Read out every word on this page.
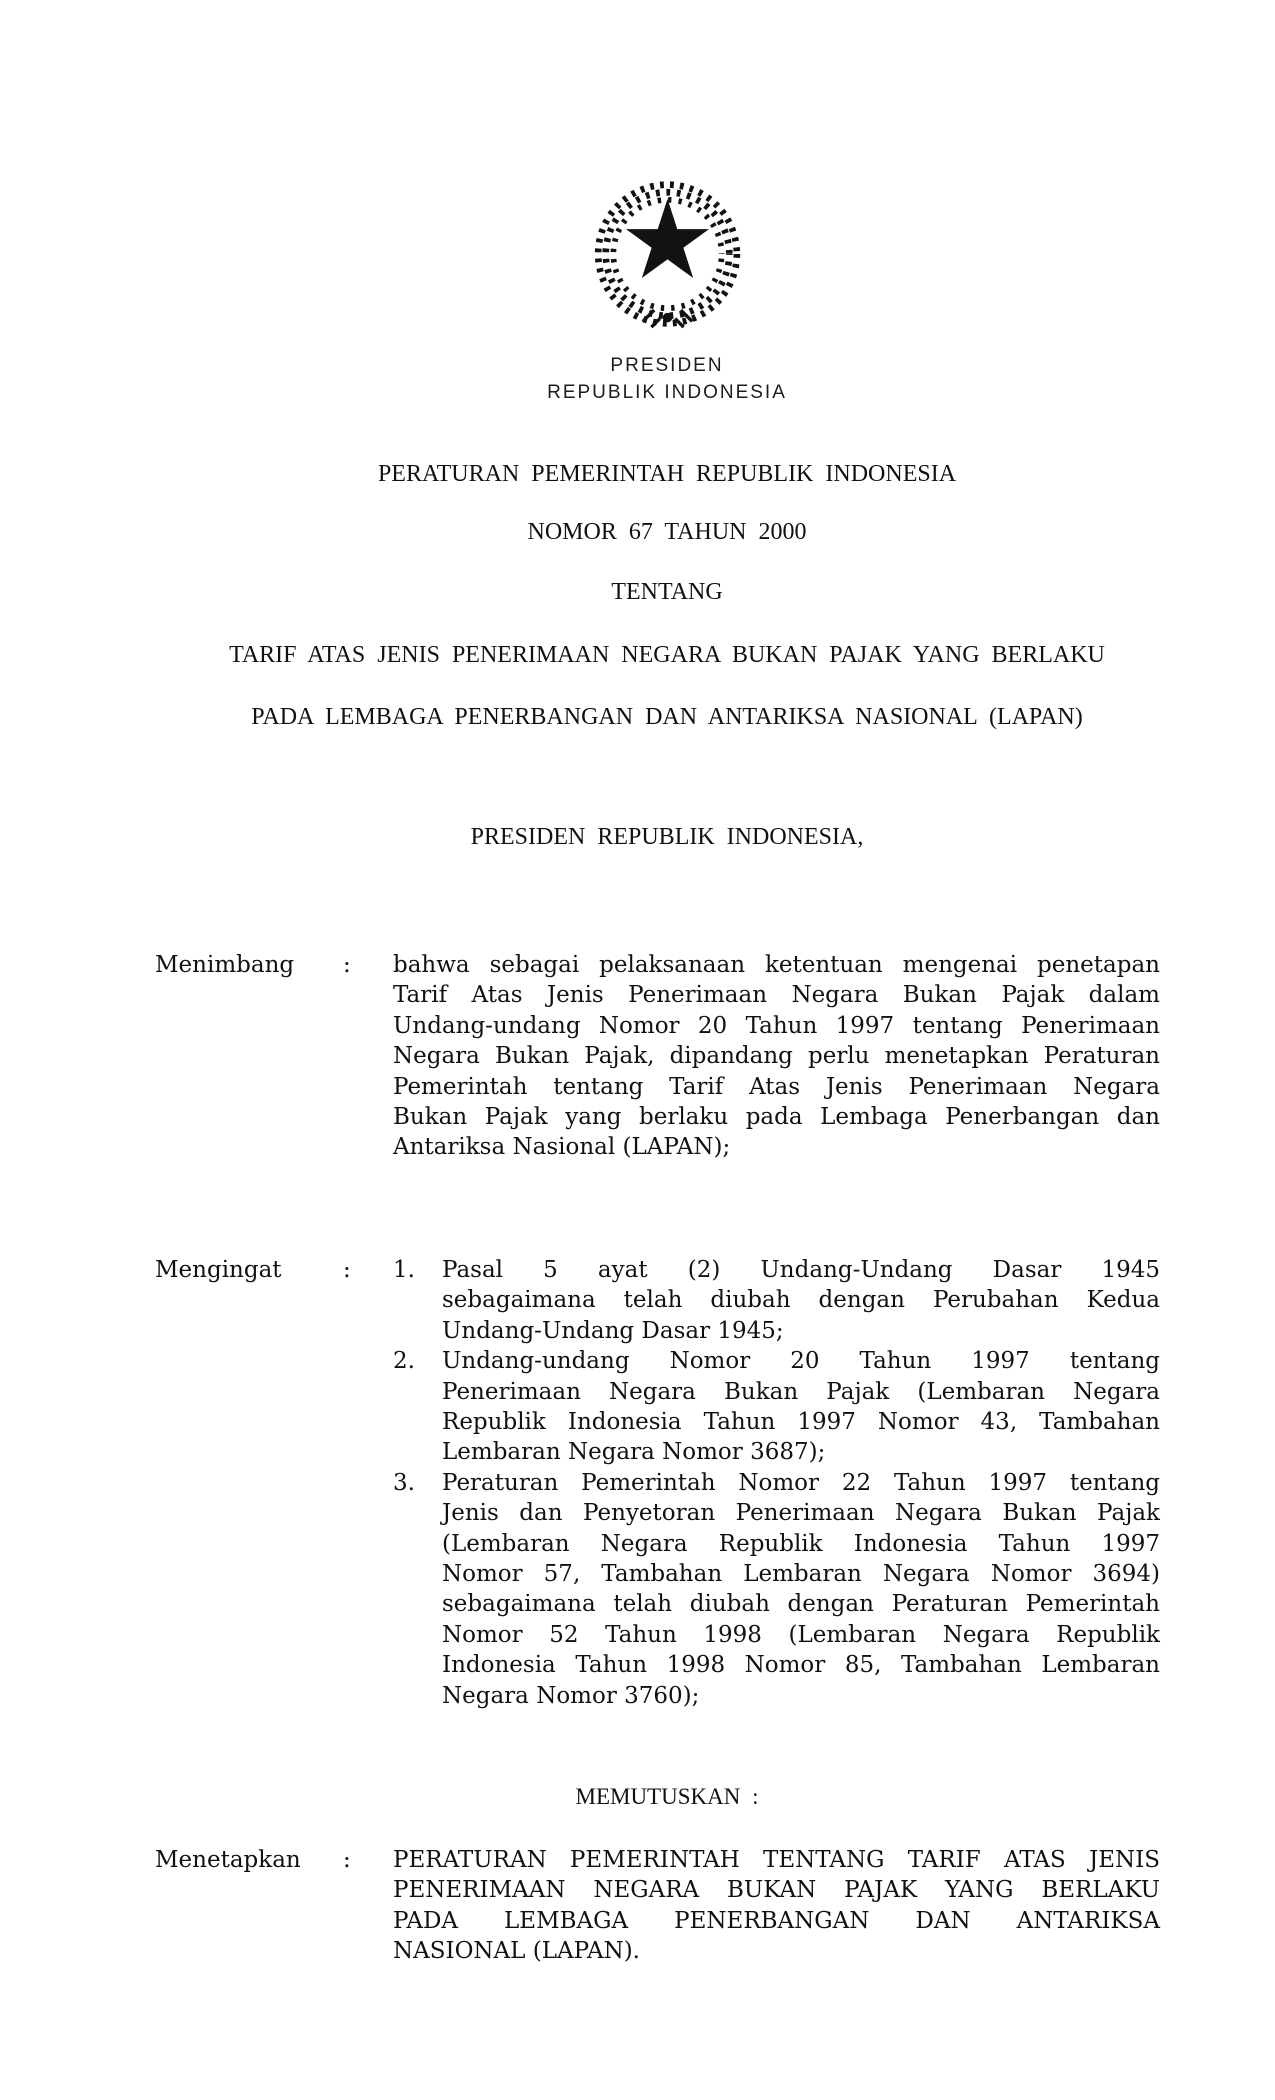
PRESIDEN
REPUBLIK INDONESIA
PERATURAN PEMERINTAH REPUBLIK INDONESIA
NOMOR 67 TAHUN 2000
TENTANG
TARIF ATAS JENIS PENERIMAAN NEGARA BUKAN PAJAK YANG BERLAKU
PADA LEMBAGA PENERBANGAN DAN ANTARIKSA NASIONAL (LAPAN)
PRESIDEN REPUBLIK INDONESIA,
Menimbang	:	bahwa sebagai pelaksanaan ketentuan mengenai penetapan
Tarif Atas Jenis Penerimaan Negara Bukan Pajak dalam
Undang-undang Nomor 20 Tahun 1997 tentang Penerimaan
Negara Bukan Pajak, dipandang perlu menetapkan Peraturan
Pemerintah tentang Tarif Atas Jenis Penerimaan Negara
Bukan Pajak yang berlaku pada Lembaga Penerbangan dan
Antariksa Nasional (LAPAN);
Mengingat	:	1.	Pasal 5 ayat (2) Undang-Undang Dasar 1945
sebagaimana telah diubah dengan Perubahan Kedua
Undang-Undang Dasar 1945;
2.	Undang-undang Nomor 20 Tahun 1997 tentang
Penerimaan Negara Bukan Pajak (Lembaran Negara
Republik Indonesia Tahun 1997 Nomor 43, Tambahan
Lembaran Negara Nomor 3687);
3.	Peraturan Pemerintah Nomor 22 Tahun 1997 tentang
Jenis dan Penyetoran Penerimaan Negara Bukan Pajak
(Lembaran Negara Republik Indonesia Tahun 1997
Nomor 57, Tambahan Lembaran Negara Nomor 3694)
sebagaimana telah diubah dengan Peraturan Pemerintah
Nomor 52 Tahun 1998 (Lembaran Negara Republik
Indonesia Tahun 1998 Nomor 85, Tambahan Lembaran
Negara Nomor 3760);
MEMUTUSKAN :
Menetapkan	:	PERATURAN PEMERINTAH TENTANG TARIF ATAS JENIS
PENERIMAAN NEGARA BUKAN PAJAK YANG BERLAKU
PADA LEMBAGA PENERBANGAN DAN ANTARIKSA
NASIONAL (LAPAN).
